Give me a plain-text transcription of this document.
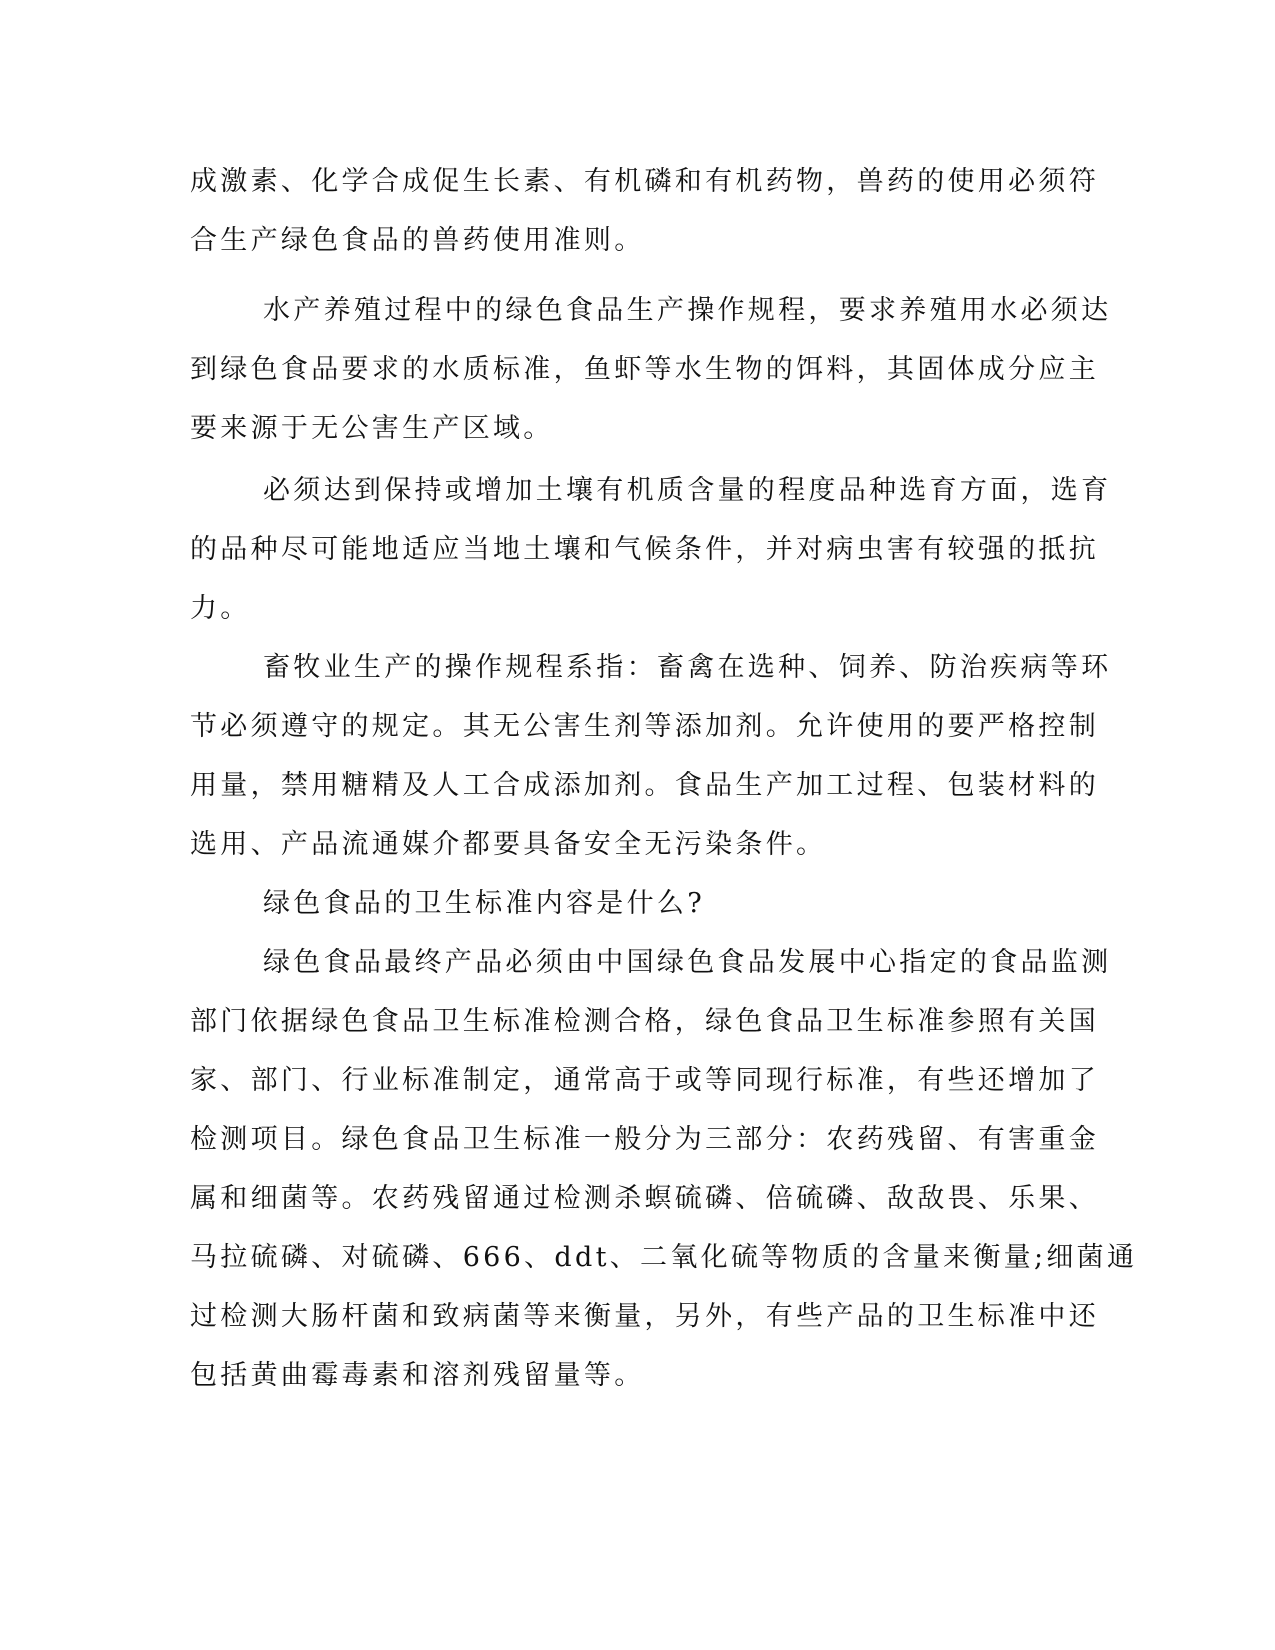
成激素、化学合成促生长素、有机磷和有机药物，兽药的使用必须符

合生产绿色食品的兽药使用准则。

水产养殖过程中的绿色食品生产操作规程，要求养殖用水必须达

到绿色食品要求的水质标准，鱼虾等水生物的饵料，其固体成分应主

要来源于无公害生产区域。

必须达到保持或增加土壤有机质含量的程度品种选育方面，选育

的品种尽可能地适应当地土壤和气候条件，并对病虫害有较强的抵抗

力。

畜牧业生产的操作规程系指：畜禽在选种、饲养、防治疾病等环

节必须遵守的规定。其无公害生剂等添加剂。允许使用的要严格控制

用量，禁用糖精及人工合成添加剂。食品生产加工过程、包装材料的

选用、产品流通媒介都要具备安全无污染条件。

绿色食品的卫生标准内容是什么?

绿色食品最终产品必须由中国绿色食品发展中心指定的食品监测

部门依据绿色食品卫生标准检测合格，绿色食品卫生标准参照有关国

家、部门、行业标准制定，通常高于或等同现行标准，有些还增加了

检测项目。绿色食品卫生标准一般分为三部分：农药残留、有害重金

属和细菌等。农药残留通过检测杀螟硫磷、倍硫磷、敌敌畏、乐果、

马拉硫磷、对硫磷、666、ddt、二氧化硫等物质的含量来衡量;细菌通

过检测大肠杆菌和致病菌等来衡量，另外，有些产品的卫生标准中还

包括黄曲霉毒素和溶剂残留量等。
